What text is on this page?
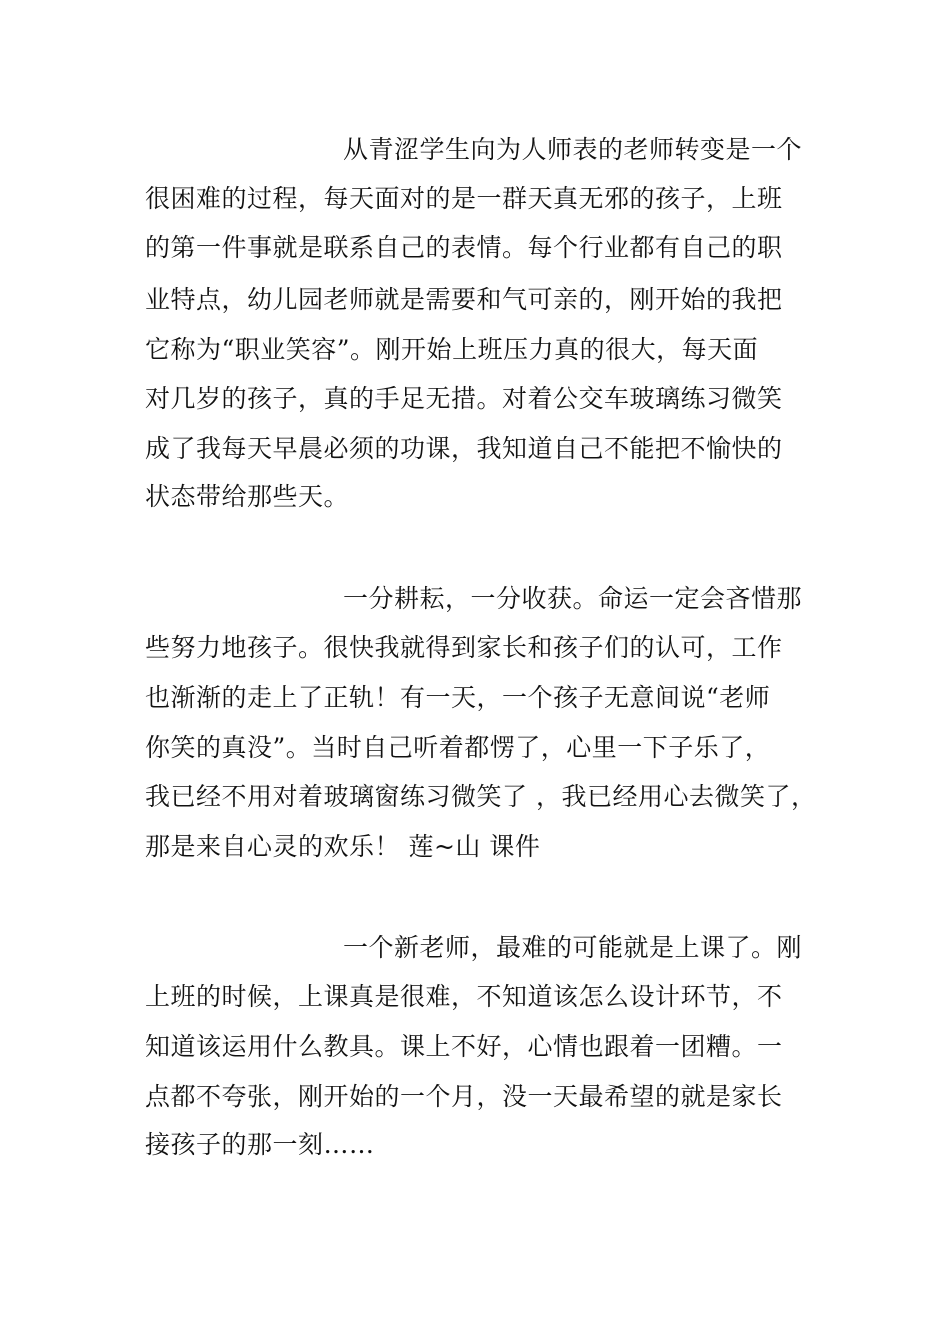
从青涩学生向为人师表的老师转变是一个
很困难的过程，每天面对的是一群天真无邪的孩子，上班
的第一件事就是联系自己的表情。每个行业都有自己的职
业特点，幼儿园老师就是需要和气可亲的，刚开始的我把
它称为“职业笑容”。刚开始上班压力真的很大，每天面
对几岁的孩子，真的手足无措。对着公交车玻璃练习微笑
成了我每天早晨必须的功课，我知道自己不能把不愉快的
状态带给那些天。
一分耕耘，一分收获。命运一定会吝惜那
些努力地孩子。很快我就得到家长和孩子们的认可，工作
也渐渐的走上了正轨！有一天，一个孩子无意间说“老师
你笑的真没”。当时自己听着都愣了，心里一下子乐了，
我已经不用对着玻璃窗练习微笑了 ，我已经用心去微笑了，
那是来自心灵的欢乐！ 莲~山 课件
一个新老师，最难的可能就是上课了。刚
上班的时候，上课真是很难，不知道该怎么设计环节，不
知道该运用什么教具。课上不好，心情也跟着一团糟。一
点都不夸张，刚开始的一个月，没一天最希望的就是家长
接孩子的那一刻……
